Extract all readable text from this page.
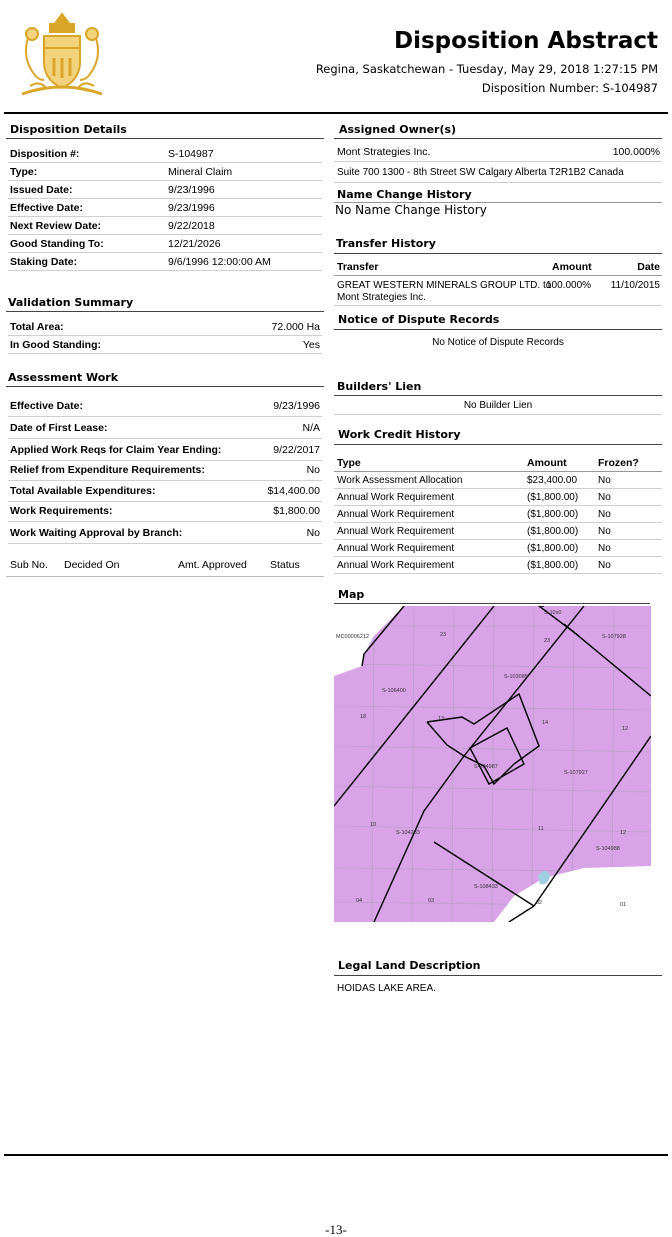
Disposition Abstract
Regina, Saskatchewan - Tuesday, May 29, 2018 1:27:15 PM
Disposition Number: S-104987
Disposition Details
Disposition #:	S-104987
Type:	Mineral Claim
Issued Date:	9/23/1996
Effective Date:	9/23/1996
Next Review Date:	9/22/2018
Good Standing To:	12/21/2026
Staking Date:	9/6/1996 12:00:00 AM
Validation Summary
Total Area:	72.000 Ha
In Good Standing:	Yes
Assessment Work
Effective Date:	9/23/1996
Date of First Lease:	N/A
Applied Work Reqs for Claim Year Ending:	9/22/2017
Relief from Expenditure Requirements:	No
Total Available Expenditures:	$14,400.00
Work Requirements:	$1,800.00
Work Waiting Approval by Branch:	No
Sub No. Decided On	Amt. Approved Status
Assigned Owner(s)
Mont Strategies Inc.	100.000%
Suite 700 1300 - 8th Street SW Calgary Alberta T2R1B2 Canada
Name Change History
No Name Change History
Transfer History
Transfer	Amount	Date
GREAT WESTERN MINERALS GROUP LTD. to
Mont Strategies Inc.
100.000% 11/10/2015
Notice of Dispute Records
No Notice of Dispute Records
Builders' Lien
No Builder Lien
Work Credit History
Type	Amount	Frozen?
Work Assessment Allocation	$23,400.00 No
Annual Work Requirement	($1,800.00) No
Annual Work Requirement	($1,800.00) No
Annual Work Requirement	($1,800.00) No
Annual Work Requirement	($1,800.00) No
Annual Work Requirement	($1,800.00) No
Map
S-10x0
MC00006212	23
23
S-107928
S-106400
S-103085
18	13
14
12
S-104987
S-107927
10
S-104283
11
12
S-104988
S-108433
04	03	02	01
Legal Land Description
HOIDAS LAKE AREA.
-13-
